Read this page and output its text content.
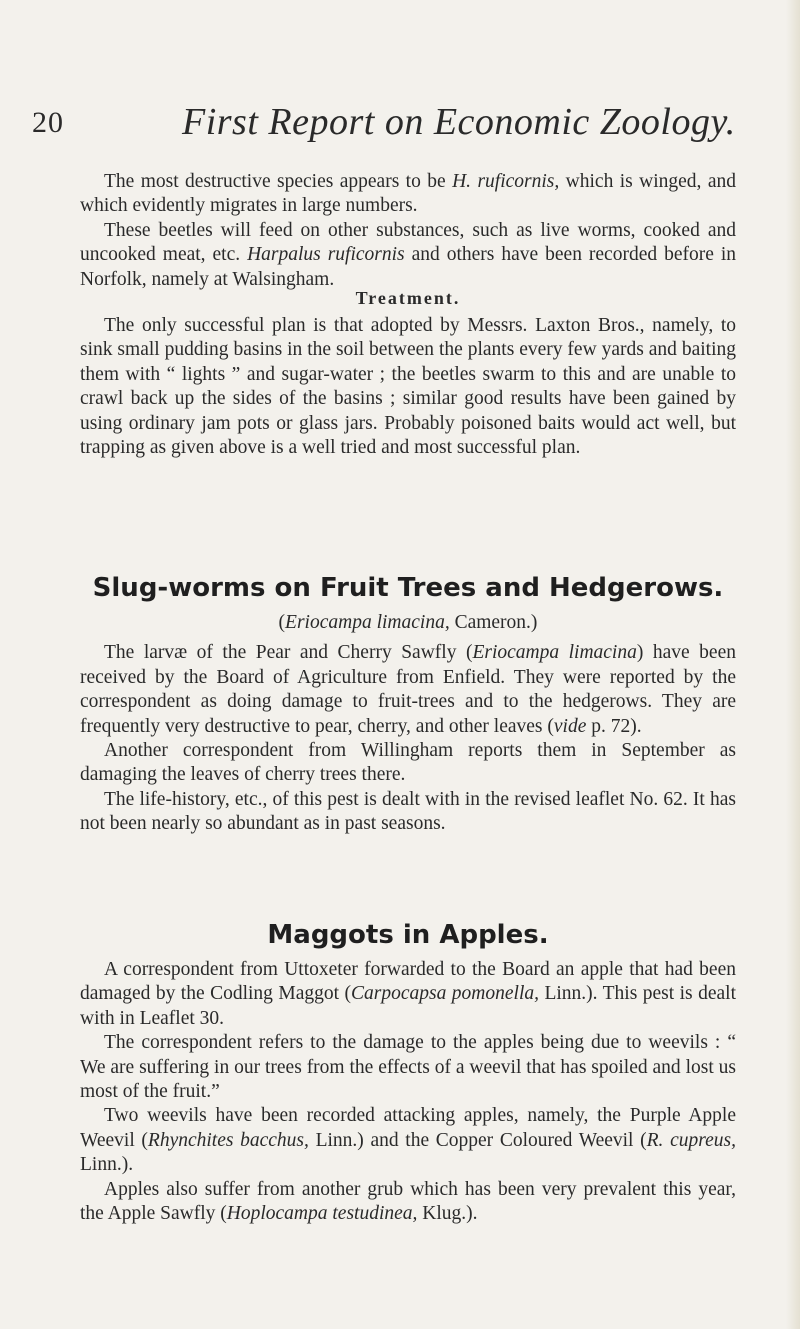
20	First Report on Economic Zoology.

The most destructive species appears to be H. ruficornis, which is winged, and which evidently migrates in large numbers.

These beetles will feed on other substances, such as live worms, cooked and uncooked meat, etc. Harpalus ruficornis and others have been recorded before in Norfolk, namely at Walsingham.

Treatment.

The only successful plan is that adopted by Messrs. Laxton Bros., namely, to sink small pudding basins in the soil between the plants every few yards and baiting them with “ lights ” and sugar-water ; the beetles swarm to this and are unable to crawl back up the sides of the basins ; similar good results have been gained by using ordinary jam pots or glass jars. Probably poisoned baits would act well, but trapping as given above is a well tried and most successful plan.

Slug-worms on Fruit Trees and Hedgerows.

(Eriocampa limacina, Cameron.)

The larvæ of the Pear and Cherry Sawfly (Eriocampa limacina) have been received by the Board of Agriculture from Enfield. They were reported by the correspondent as doing damage to fruit-trees and to the hedgerows. They are frequently very destructive to pear, cherry, and other leaves (vide p. 72).

Another correspondent from Willingham reports them in September as damaging the leaves of cherry trees there.

The life-history, etc., of this pest is dealt with in the revised leaflet No. 62. It has not been nearly so abundant as in past seasons.

Maggots in Apples.

A correspondent from Uttoxeter forwarded to the Board an apple that had been damaged by the Codling Maggot (Carpocapsa pomonella, Linn.). This pest is dealt with in Leaflet 30.

The correspondent refers to the damage to the apples being due to weevils : “ We are suffering in our trees from the effects of a weevil that has spoiled and lost us most of the fruit.”

Two weevils have been recorded attacking apples, namely, the Purple Apple Weevil (Rhynchites bacchus, Linn.) and the Copper Coloured Weevil (R. cupreus, Linn.).

Apples also suffer from another grub which has been very prevalent this year, the Apple Sawfly (Hoplocampa testudinea, Klug.).
